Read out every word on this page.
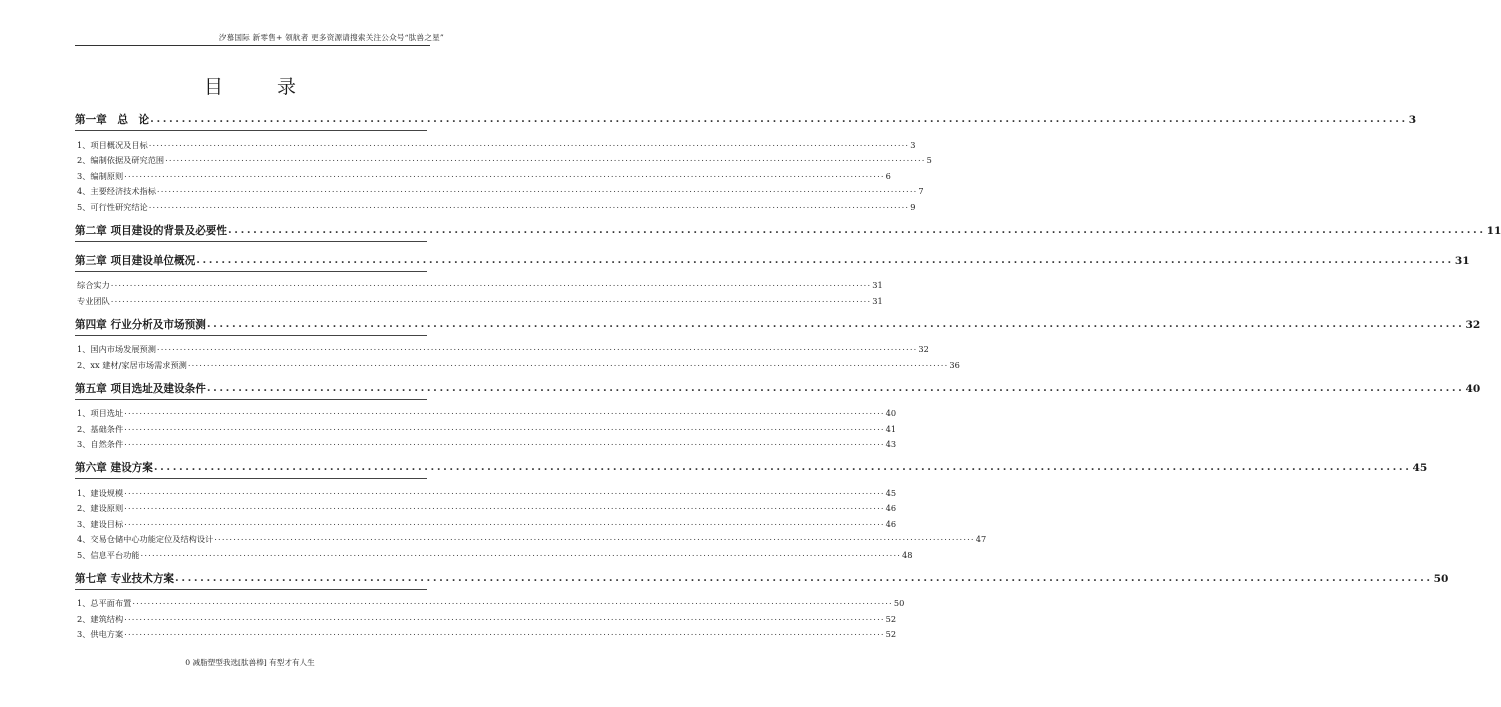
汐慕国际 新零售+ 领航者 更多资源请搜索关注公众号“肽兽之星”
目 录
第一章　总　论 ........................................................................................................................................................................................................ 3
1、项目概况及目标 ........................................................................................................................................................................................................ 3
2、编制依据及研究范围 ........................................................................................................................................................................................................ 5
3、编制原则 ........................................................................................................................................................................................................ 6
4、主要经济技术指标 ........................................................................................................................................................................................................ 7
5、可行性研究结论 ........................................................................................................................................................................................................ 9
第二章 项目建设的背景及必要性 ........................................................................................................................................................................................................ 11
第三章 项目建设单位概况 ........................................................................................................................................................................................................ 31
综合实力 ........................................................................................................................................................................................................ 31
专业团队 ........................................................................................................................................................................................................ 31
第四章 行业分析及市场预测 ........................................................................................................................................................................................................ 32
1、国内市场发展预测 ........................................................................................................................................................................................................ 32
2、xx 建材/家居市场需求预测 ........................................................................................................................................................................................................ 36
第五章 项目选址及建设条件 ........................................................................................................................................................................................................ 40
1、项目选址 ........................................................................................................................................................................................................ 40
2、基础条件 ........................................................................................................................................................................................................ 41
3、自然条件 ........................................................................................................................................................................................................ 43
第六章 建设方案 ........................................................................................................................................................................................................ 45
1、建设规模 ........................................................................................................................................................................................................ 45
2、建设原则 ........................................................................................................................................................................................................ 46
3、建设目标 ........................................................................................................................................................................................................ 46
4、交易仓储中心功能定位及结构设计 ........................................................................................................................................................................................................ 47
5、信息平台功能 ........................................................................................................................................................................................................ 48
第七章 专业技术方案 ........................................................................................................................................................................................................ 50
1、总平面布置 ........................................................................................................................................................................................................ 50
2、建筑结构 ........................................................................................................................................................................................................ 52
3、供电方案 ........................................................................................................................................................................................................ 52
0 减脂塑型我选[肽兽棒] 有型才有人生
